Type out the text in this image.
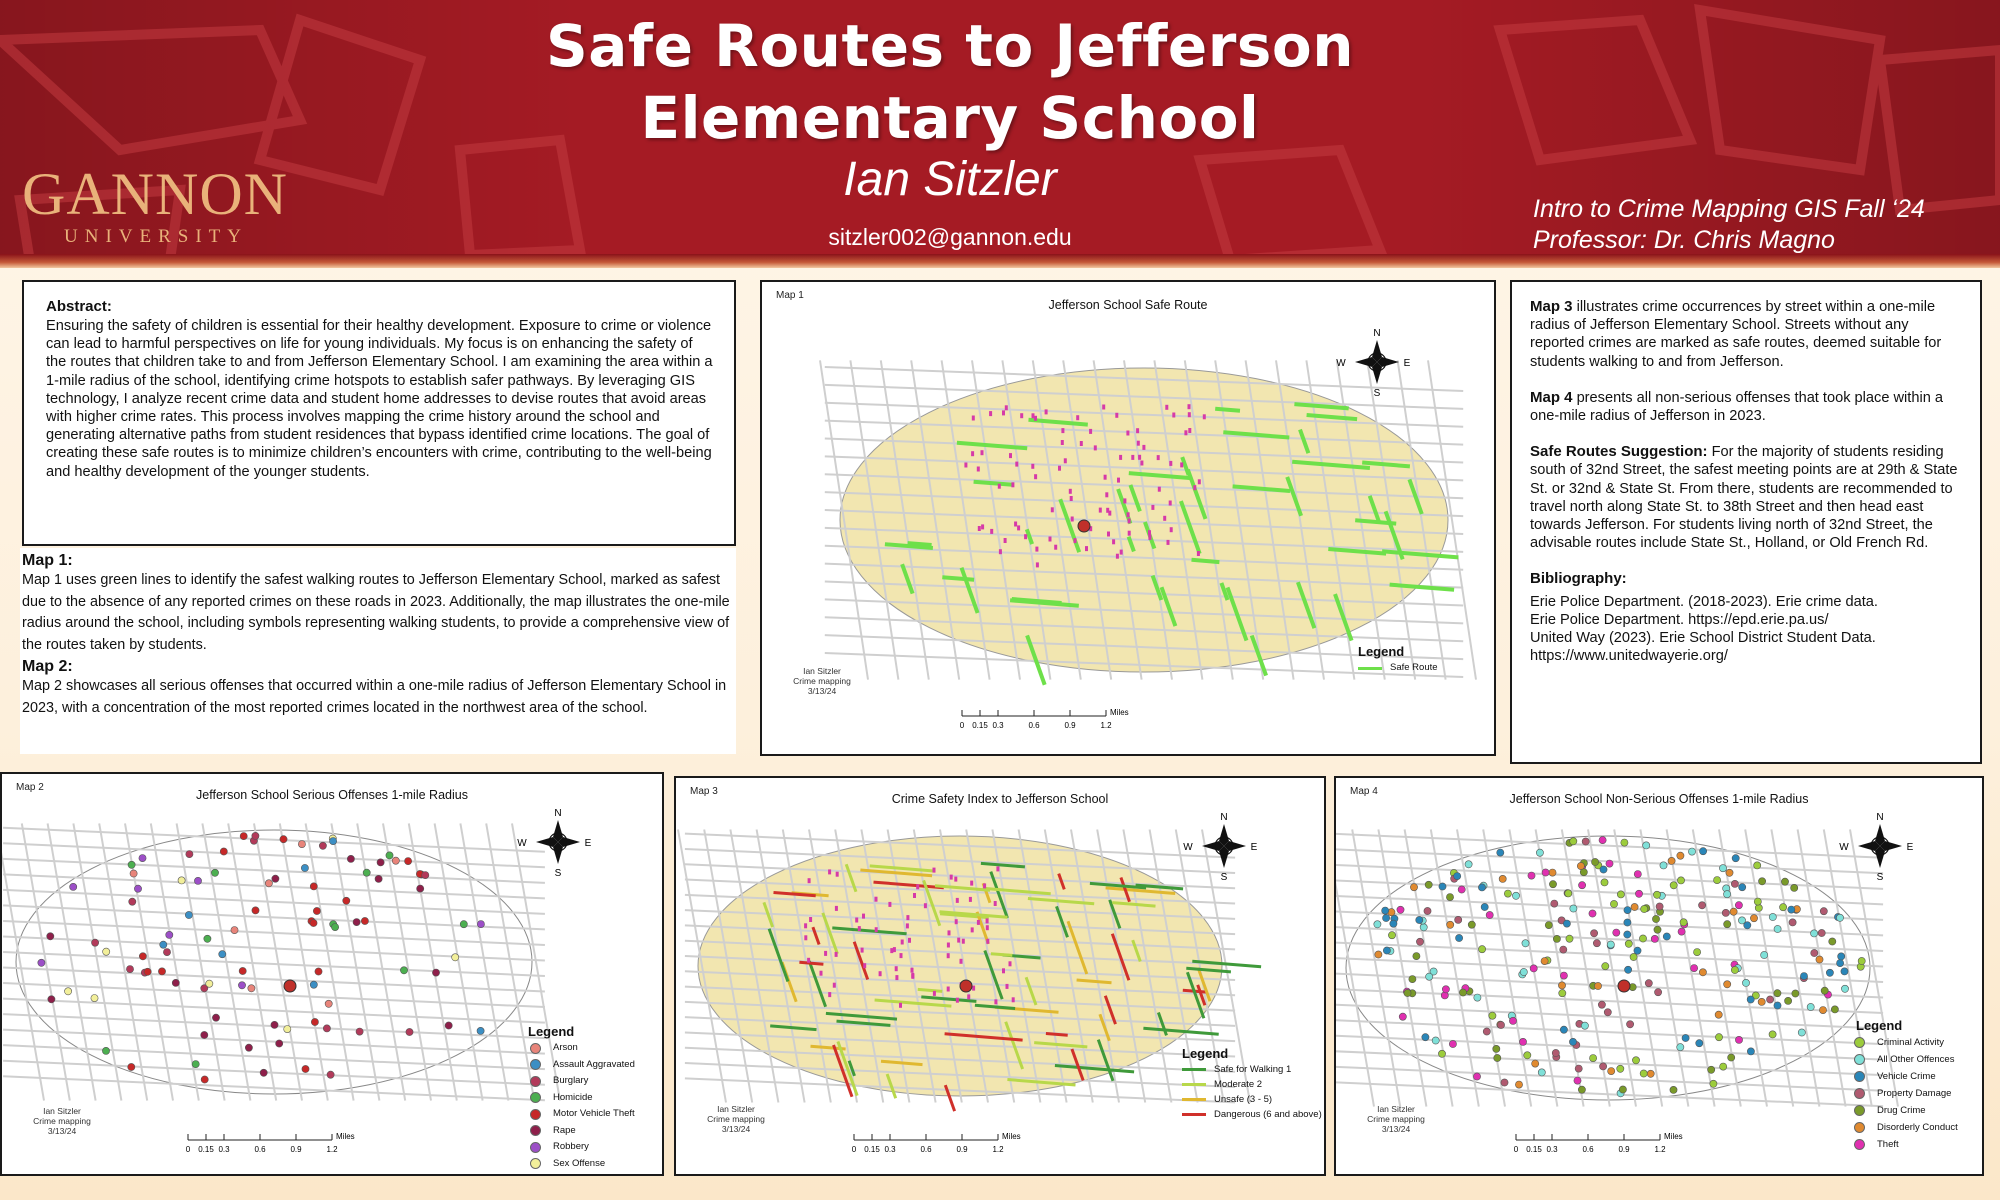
Safe Routes to Jefferson
Elementary School
Ian Sitzler
sitzler002@gannon.edu
GANNON
UNIVERSITY
Intro to Crime Mapping GIS Fall ‘24
Professor: Dr. Chris Magno
Abstract:
Ensuring the safety of children is essential for their healthy development. Exposure to crime or violence can lead to harmful perspectives on life for young individuals. My focus is on enhancing the safety of the routes that children take to and from Jefferson Elementary School. I am examining the area within a 1-mile radius of the school, identifying crime hotspots to establish safer pathways. By leveraging GIS technology, I analyze recent crime data and student home addresses to devise routes that avoid areas with higher crime rates. This process involves mapping the crime history around the school and generating alternative paths from student residences that bypass identified crime locations. The goal of creating these safe routes is to minimize children’s encounters with crime, contributing to the well-being and healthy development of the younger students.
Map 1:
Map 1 uses green lines to identify the safest walking routes to Jefferson Elementary School, marked as safest due to the absence of any reported crimes on these roads in 2023. Additionally, the map illustrates the one-mile radius around the school, including symbols representing walking students, to provide a comprehensive view of the routes taken by students.
Map 2:
Map 2 showcases all serious offenses that occurred within a one-mile radius of Jefferson Elementary School in 2023, with a concentration of the most reported crimes located in the northwest area of the school.

Map 3 illustrates crime occurrences by street within a one-mile radius of Jefferson Elementary School. Streets without any reported crimes are marked as safe routes, deemed suitable for students walking to and from Jefferson.

Map 4 presents all non-serious offenses that took place within a one-mile radius of Jefferson in 2023.

Safe Routes Suggestion: For the majority of students residing south of 32nd Street, the safest meeting points are at 29th & State St. or 32nd & State St. From there, students are recommended to travel north along State St. to 38th Street and then head east towards Jefferson. For students living north of 32nd Street, the advisable routes include State St., Holland, or Old French Rd.

Bibliography:
Erie Police Department. (2018-2023). Erie crime data.
Erie Police Department. https://epd.erie.pa.us/
United Way (2023). Erie School District Student Data.
https://www.unitedwayerie.org/
Map 1
Jefferson School Safe Route
N
S
E
W
0 0.15 0.3	0.6	0.9	1.2
Miles
Ian Sitzler
Crime mapping
3/13/24
Legend
Safe Route
Map 2
Jefferson School Serious Offenses 1-mile Radius
N
S
E
W
0 0.15 0.3	0.6	0.9	1.2
Miles
Ian Sitzler
Crime mapping
3/13/24
Legend
Arson
Assault Aggravated
Burglary
Homicide
Motor Vehicle Theft
Rape
Robbery
Sex Offense
Map 3
Crime Safety Index to Jefferson School
N
S
E
W
0 0.15 0.3	0.6	0.9	1.2
Miles
Ian Sitzler
Crime mapping
3/13/24
Legend
Safe for Walking 1
Moderate 2
Unsafe (3 - 5)
Dangerous (6 and above)
Map 4
Jefferson School Non-Serious Offenses 1-mile Radius
N
S
E
W
0 0.15 0.3	0.6	0.9	1.2
Miles
Ian Sitzler
Crime mapping
3/13/24
Legend
Criminal Activity
All Other Offences
Vehicle Crime
Property Damage
Drug Crime
Disorderly Conduct
Theft
